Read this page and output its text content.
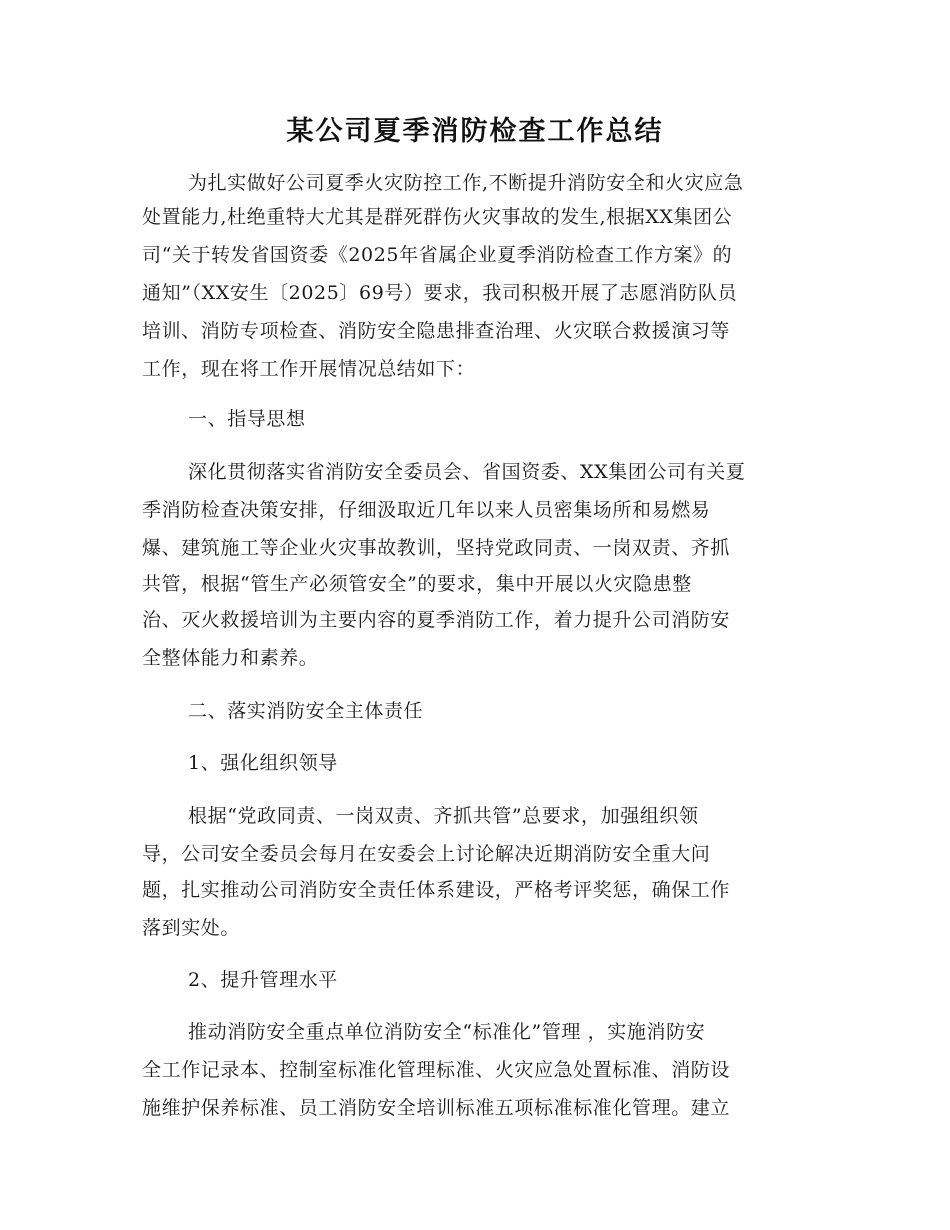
某公司夏季消防检查工作总结
为扎实做好公司夏季火灾防控工作,不断提升消防安全和火灾应急
处置能力,杜绝重特大尤其是群死群伤火灾事故的发生,根据XX集团公
司“关于转发省国资委《2025年省属企业夏季消防检查工作方案》的
通知”（XX安生〔2025〕69号）要求，我司积极开展了志愿消防队员
培训、消防专项检查、消防安全隐患排查治理、火灾联合救援演习等
工作，现在将工作开展情况总结如下：
一、指导思想
深化贯彻落实省消防安全委员会、省国资委、XX集团公司有关夏
季消防检查决策安排，仔细汲取近几年以来人员密集场所和易燃易
爆、建筑施工等企业火灾事故教训，坚持党政同责、一岗双责、齐抓
共管，根据“管生产必须管安全”的要求，集中开展以火灾隐患整
治、灭火救援培训为主要内容的夏季消防工作，着力提升公司消防安
全整体能力和素养。
二、落实消防安全主体责任
1、强化组织领导
根据“党政同责、一岗双责、齐抓共管”总要求，加强组织领
导，公司安全委员会每月在安委会上讨论解决近期消防安全重大问
题，扎实推动公司消防安全责任体系建设，严格考评奖惩，确保工作
落到实处。
2、提升管理水平
推动消防安全重点单位消防安全“标准化”管理 ，实施消防安
全工作记录本、控制室标准化管理标准、火灾应急处置标准、消防设
施维护保养标准、员工消防安全培训标准五项标准标准化管理。建立
